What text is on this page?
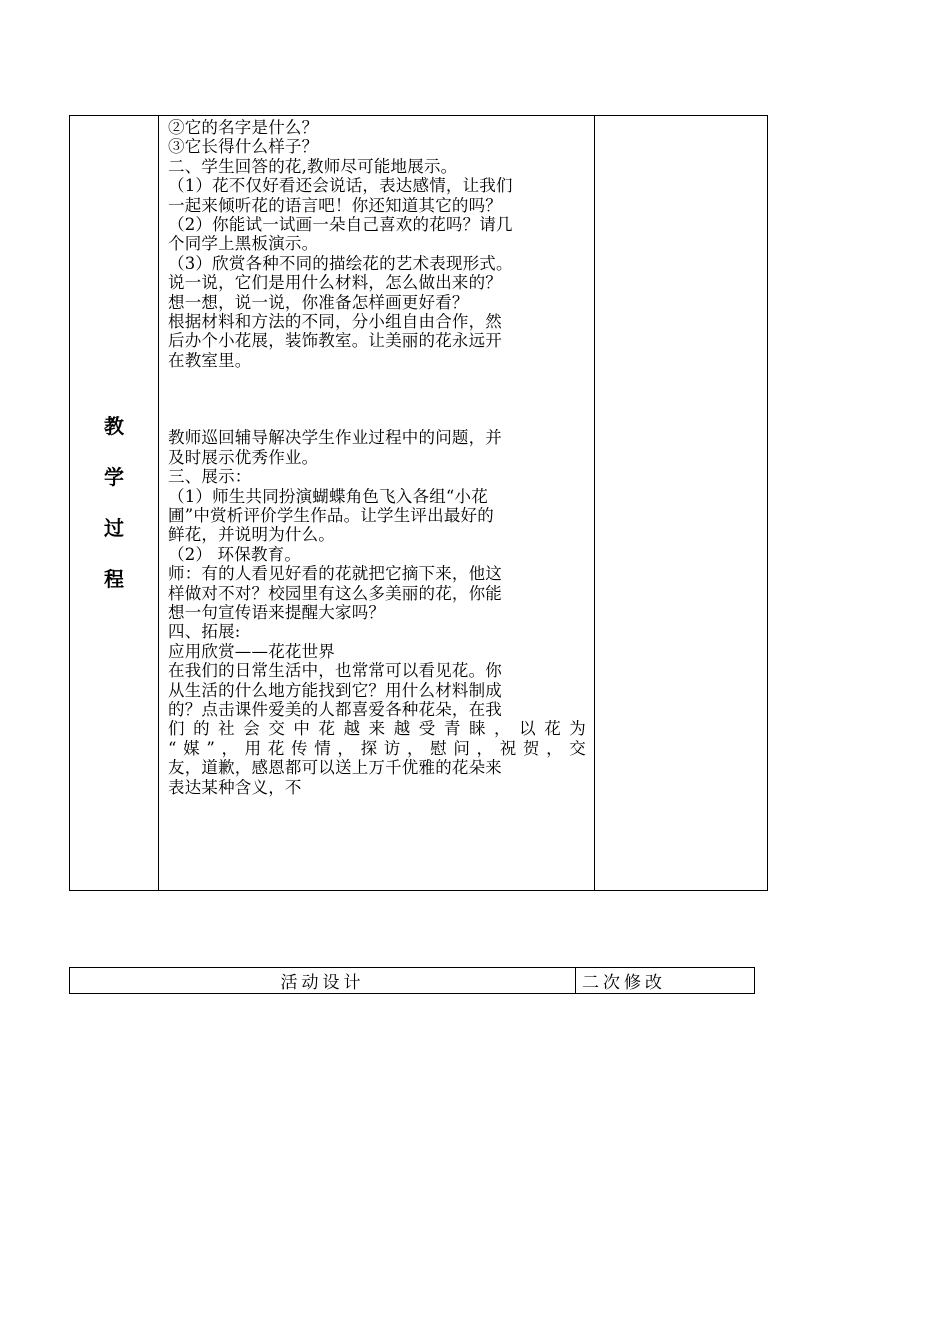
教
学
过
程

②它的名字是什么？
③它长得什么样子？
二、学生回答的花,教师尽可能地展示。
（1）花不仅好看还会说话，表达感情，让我们
一起来倾听花的语言吧！你还知道其它的吗？
（2）你能试一试画一朵自己喜欢的花吗？请几
个同学上黑板演示。
（3）欣赏各种不同的描绘花的艺术表现形式。
说一说，它们是用什么材料，怎么做出来的？
想一想，说一说，你准备怎样画更好看？
根据材料和方法的不同，分小组自由合作，然
后办个小花展，装饰教室。让美丽的花永远开
在教室里。
教师巡回辅导解决学生作业过程中的问题，并
及时展示优秀作业。
三、展示：
（1）师生共同扮演蝴蝶角色飞入各组“小花
圃”中赏析评价学生作品。让学生评出最好的
鲜花，并说明为什么。
（2） 环保教育。
师：有的人看见好看的花就把它摘下来，他这
样做对不对？校园里有这么多美丽的花，你能
想一句宣传语来提醒大家吗？
四、拓展:
应用欣赏——花花世界
在我们的日常生活中，也常常可以看见花。你
从生活的什么地方能找到它？用什么材料制成
的？点击课件爱美的人都喜爱各种花朵，在我
们的社会交中花越来越受青睐，以花为
“媒”，用花传情，探访，慰问，祝贺，交
友，道歉，感恩都可以送上万千优雅的花朵来
表达某种含义，不

活动设计	二次修改
